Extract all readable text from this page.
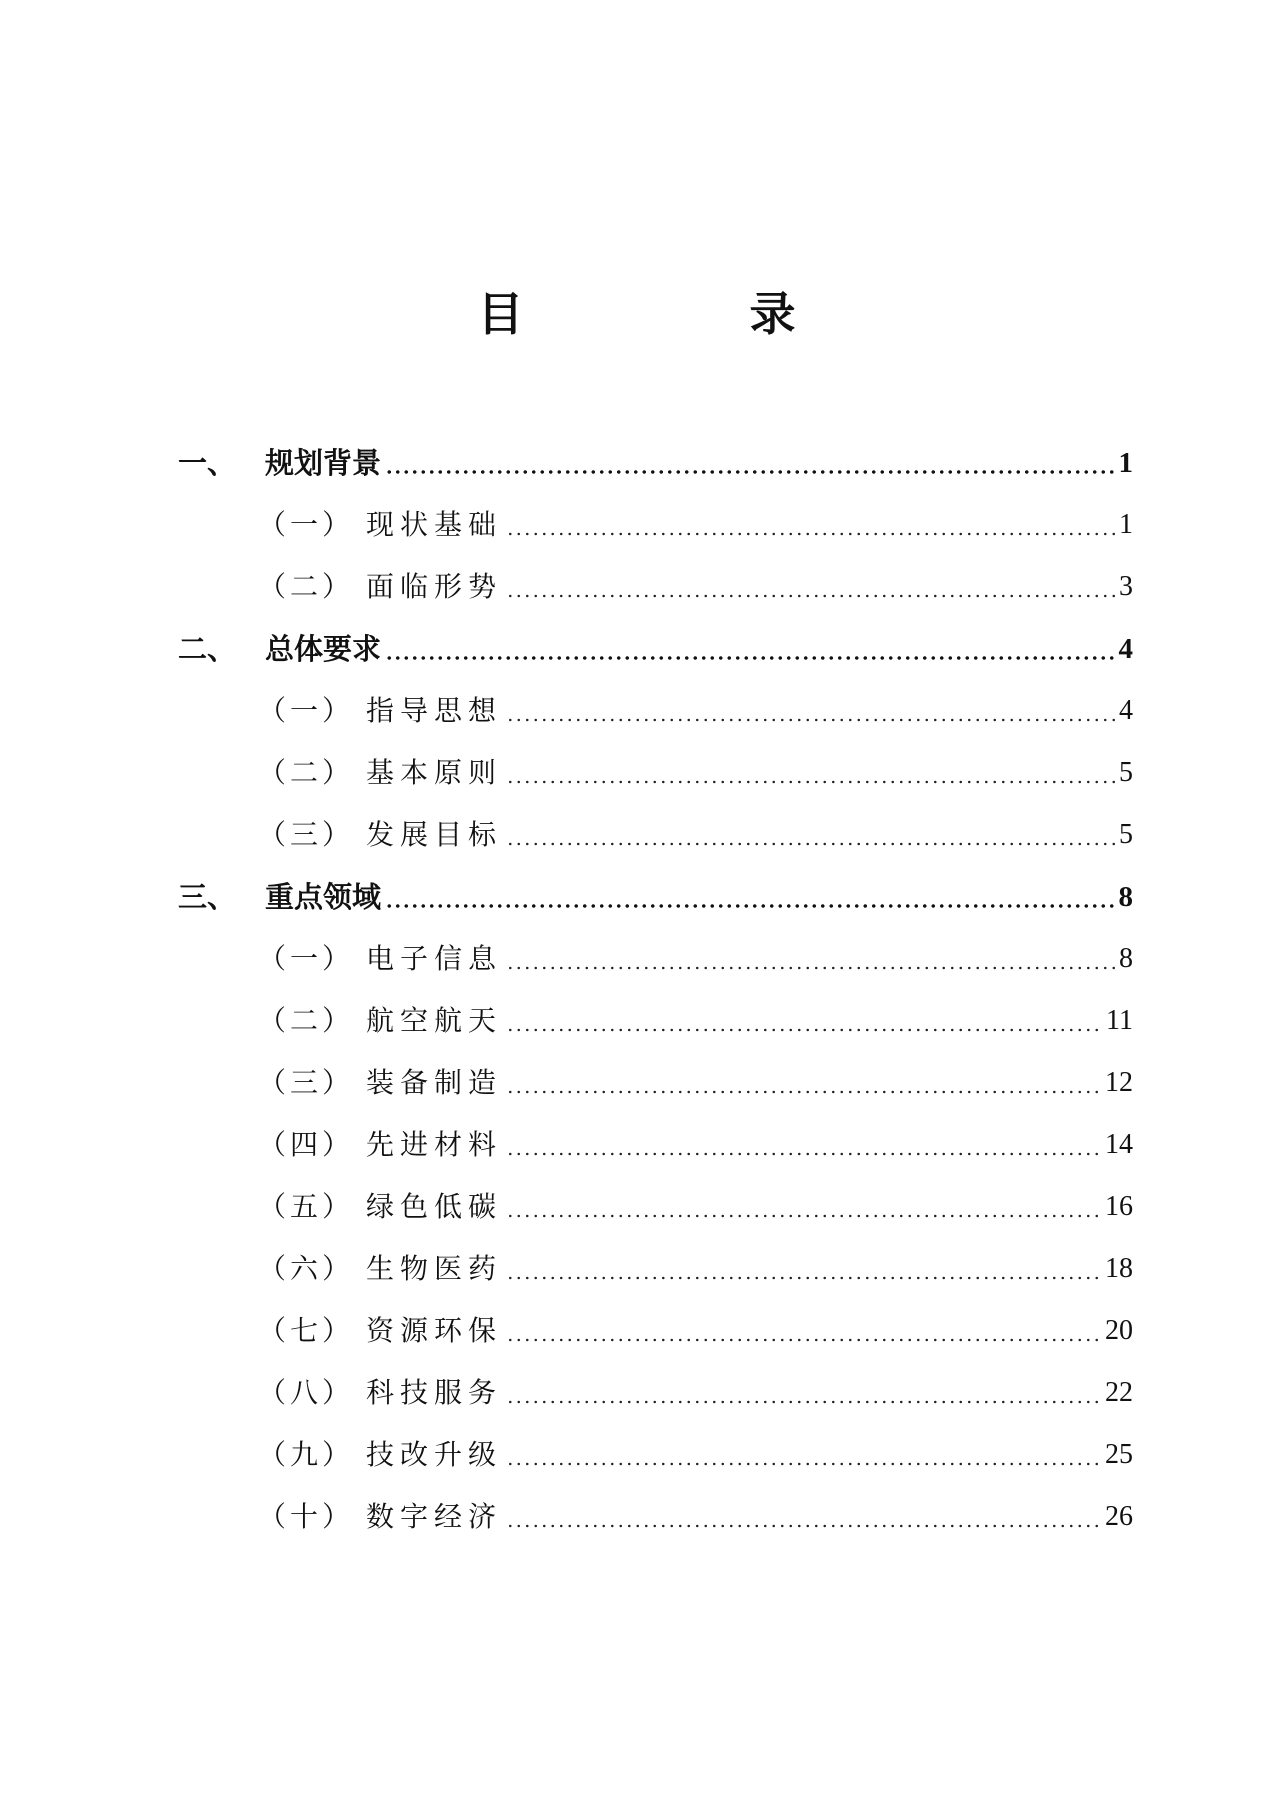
目　录
一、 规划背景	1
（一） 现状基础	1
（二） 面临形势	3
二、 总体要求	4
（一） 指导思想	4
（二） 基本原则	5
（三） 发展目标	5
三、 重点领域	8
（一） 电子信息	8
（二） 航空航天	11
（三） 装备制造	12
（四） 先进材料	14
（五） 绿色低碳	16
（六） 生物医药	18
（七） 资源环保	20
（八） 科技服务	22
（九） 技改升级	25
（十） 数字经济	26
